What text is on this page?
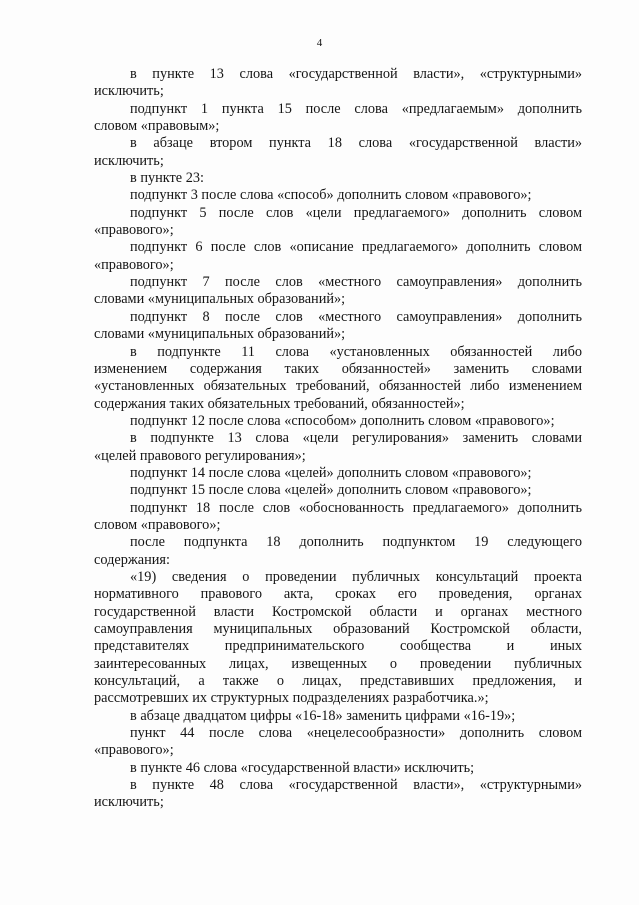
4
в пункте 13 слова «государственной власти», «структурными»
исключить;
подпункт 1 пункта 15 после слова «предлагаемым» дополнить
словом «правовым»;
в абзаце втором пункта 18 слова «государственной власти»
исключить;
в пункте 23:
подпункт 3 после слова «способ» дополнить словом «правового»;
подпункт 5 после слов «цели предлагаемого» дополнить словом
«правового»;
подпункт 6 после слов «описание предлагаемого» дополнить словом
«правового»;
подпункт 7 после слов «местного самоуправления» дополнить
словами «муниципальных образований»;
подпункт 8 после слов «местного самоуправления» дополнить
словами «муниципальных образований»;
в подпункте 11 слова «установленных обязанностей либо
изменением содержания таких обязанностей» заменить словами
«установленных обязательных требований, обязанностей либо изменением
содержания таких обязательных требований, обязанностей»;
подпункт 12 после слова «способом» дополнить словом «правового»;
в подпункте 13 слова «цели регулирования» заменить словами
«целей правового регулирования»;
подпункт 14 после слова «целей» дополнить словом «правового»;
подпункт 15 после слова «целей» дополнить словом «правового»;
подпункт 18 после слов «обоснованность предлагаемого» дополнить
словом «правового»;
после подпункта 18 дополнить подпунктом 19 следующего
содержания:
«19) сведения о проведении публичных консультаций проекта
нормативного правового акта, сроках его проведения, органах
государственной власти Костромской области и органах местного
самоуправления муниципальных образований Костромской области,
представителях предпринимательского сообщества и иных
заинтересованных лицах, извещенных о проведении публичных
консультаций, а также о лицах, представивших предложения, и
рассмотревших их структурных подразделениях разработчика.»;
в абзаце двадцатом цифры «16-18» заменить цифрами «16-19»;
пункт 44 после слова «нецелесообразности» дополнить словом
«правового»;
в пункте 46 слова «государственной власти» исключить;
в пункте 48 слова «государственной власти», «структурными»
исключить;
